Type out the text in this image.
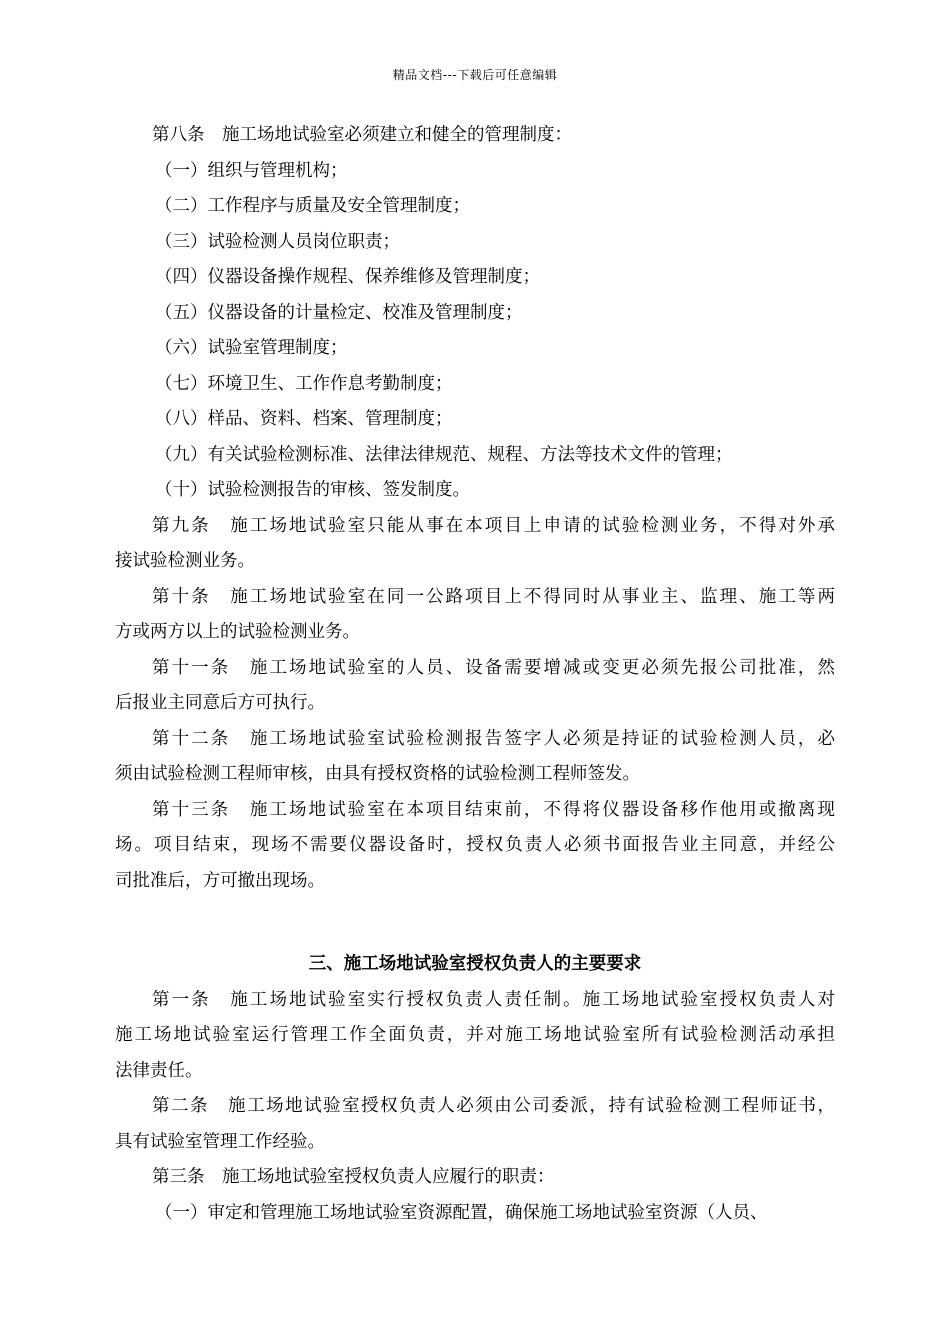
精品文档---下载后可任意编辑
第八条　施工场地试验室必须建立和健全的管理制度：
（一）组织与管理机构；
（二）工作程序与质量及安全管理制度；
（三）试验检测人员岗位职责；
（四）仪器设备操作规程、保养维修及管理制度；
（五）仪器设备的计量检定、校准及管理制度；
（六）试验室管理制度；
（七）环境卫生、工作作息考勤制度；
（八）样品、资料、档案、管理制度；
（九）有关试验检测标准、法律法律规范、规程、方法等技术文件的管理；
（十）试验检测报告的审核、签发制度。
第九条　施工场地试验室只能从事在本项目上申请的试验检测业务，不得对外承
接试验检测业务。
第十条　施工场地试验室在同一公路项目上不得同时从事业主、监理、施工等两
方或两方以上的试验检测业务。
第十一条　施工场地试验室的人员、设备需要增减或变更必须先报公司批准，然
后报业主同意后方可执行。
第十二条　施工场地试验室试验检测报告签字人必须是持证的试验检测人员，必
须由试验检测工程师审核，由具有授权资格的试验检测工程师签发。
第十三条　施工场地试验室在本项目结束前，不得将仪器设备移作他用或撤离现
场。项目结束，现场不需要仪器设备时，授权负责人必须书面报告业主同意，并经公
司批准后，方可撤出现场。
三、施工场地试验室授权负责人的主要要求
第一条　施工场地试验室实行授权负责人责任制。施工场地试验室授权负责人对
施工场地试验室运行管理工作全面负责，并对施工场地试验室所有试验检测活动承担
法律责任。
第二条　施工场地试验室授权负责人必须由公司委派，持有试验检测工程师证书，
具有试验室管理工作经验。
第三条　施工场地试验室授权负责人应履行的职责：
（一）审定和管理施工场地试验室资源配置，确保施工场地试验室资源（人员、
